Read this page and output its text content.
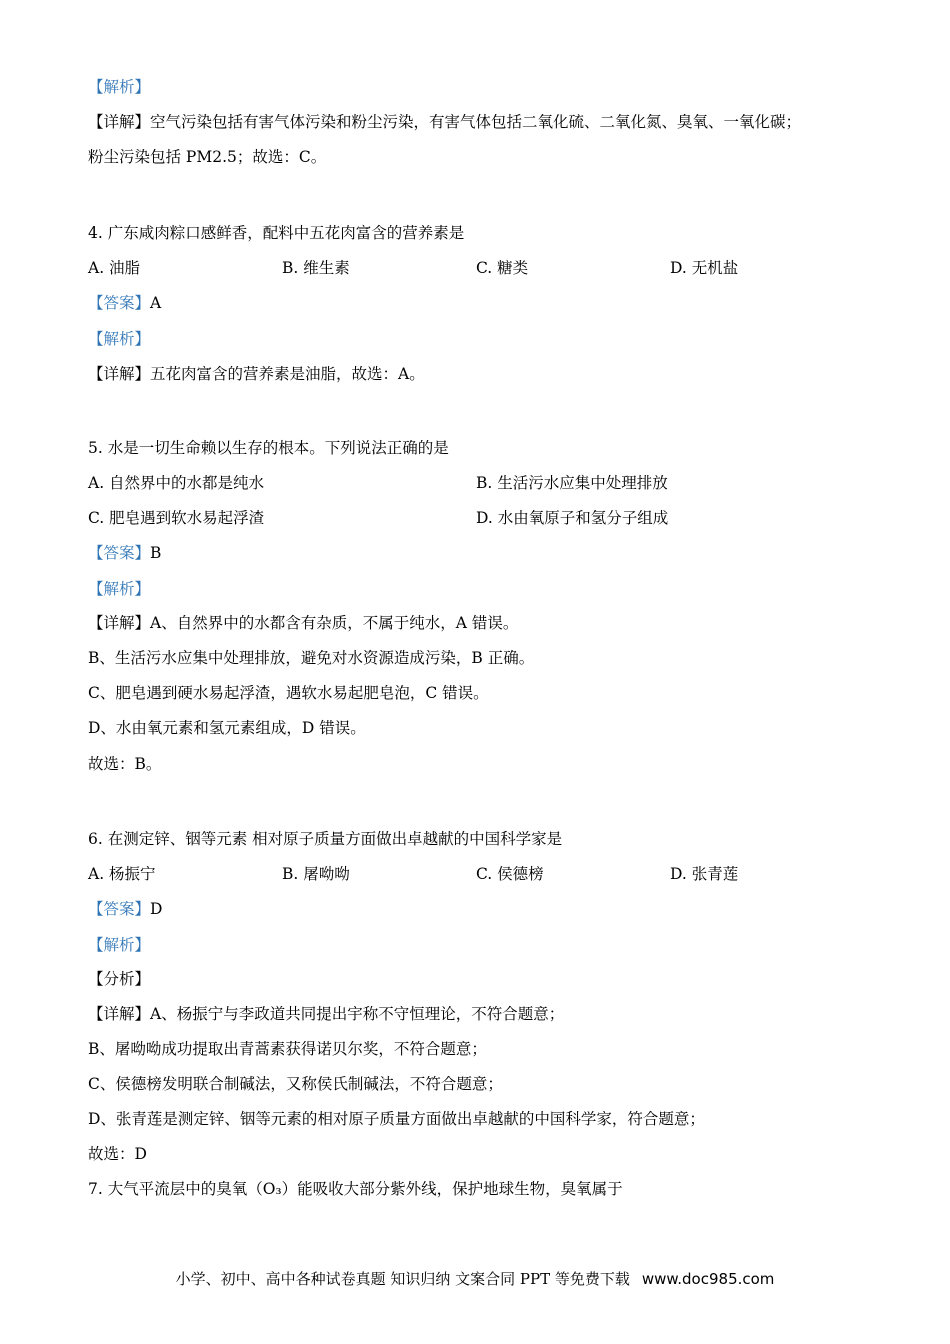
【解析】
【详解】空气污染包括有害气体污染和粉尘污染，有害气体包括二氧化硫、二氧化氮、臭氧、一氧化碳；
粉尘污染包括 PM2.5；故选：C。
4. 广东咸肉粽口感鲜香，配料中五花肉富含的营养素是
A. 油脂	B. 维生素	C. 糖类	D. 无机盐
【答案】A
【解析】
【详解】五花肉富含的营养素是油脂，故选：A。
5. 水是一切生命赖以生存的根本。下列说法正确的是
A. 自然界中的水都是纯水	B. 生活污水应集中处理排放
C. 肥皂遇到软水易起浮渣	D. 水由氧原子和氢分子组成
【答案】B
【解析】
【详解】A、自然界中的水都含有杂质，不属于纯水，A 错误。
B、生活污水应集中处理排放，避免对水资源造成污染，B 正确。
C、肥皂遇到硬水易起浮渣，遇软水易起肥皂泡，C 错误。
D、水由氧元素和氢元素组成，D 错误。
故选：B。
6. 在测定锌、铟等元素 相对原子质量方面做出卓越献的中国科学家是
A. 杨振宁	B. 屠呦呦	C. 侯德榜	D. 张青莲
【答案】D
【解析】
【分析】
【详解】A、杨振宁与李政道共同提出宇称不守恒理论，不符合题意；
B、屠呦呦成功提取出青蒿素获得诺贝尔奖，不符合题意；
C、侯德榜发明联合制碱法，又称侯氏制碱法，不符合题意；
D、张青莲是测定锌、铟等元素的相对原子质量方面做出卓越献的中国科学家，符合题意；
故选：D
7. 大气平流层中的臭氧（O₃）能吸收大部分紫外线，保护地球生物，臭氧属于
小学、初中、高中各种试卷真题 知识归纳 文案合同 PPT 等免费下载 www.doc985.com
